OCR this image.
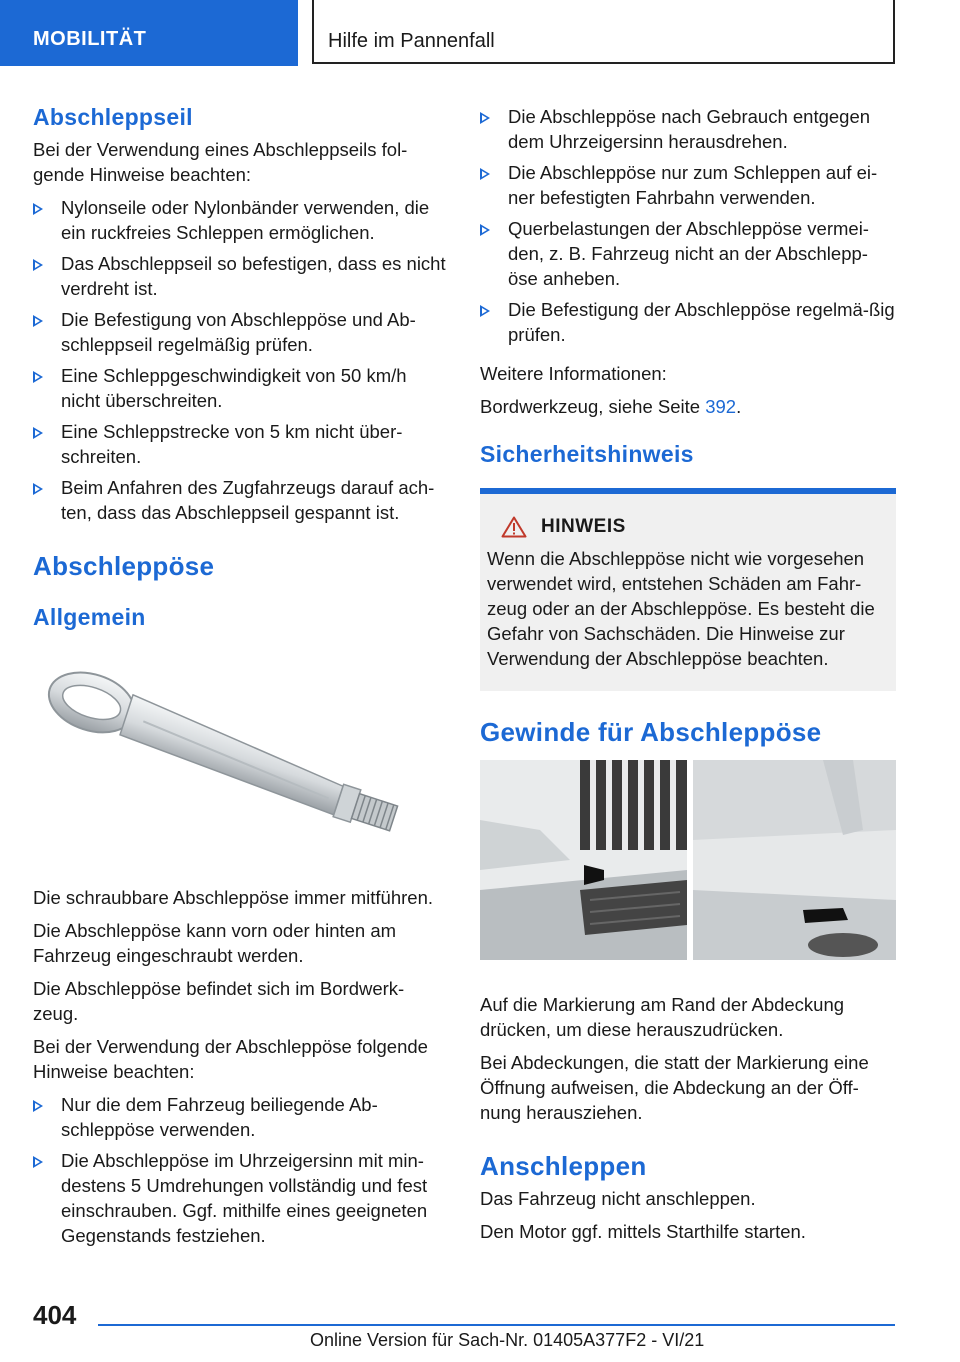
MOBILITÄT	Hilfe im Pannenfall
Abschleppseil

Bei der Verwendung eines Abschleppseils fol-gende Hinweise beachten:

Nylonseile oder Nylonbänder verwenden, die ein ruckfreies Schleppen ermöglichen.
Das Abschleppseil so befestigen, dass es nicht verdreht ist.
Die Befestigung von Abschleppöse und Ab-schleppseil regelmäßig prüfen.
Eine Schleppgeschwindigkeit von 50 km/h nicht überschreiten.
Eine Schleppstrecke von 5 km nicht über-schreiten.
Beim Anfahren des Zugfahrzeugs darauf ach-ten, dass das Abschleppseil gespannt ist.
Abschleppöse
Allgemein

Die schraubbare Abschleppöse immer mitführen.

Die Abschleppöse kann vorn oder hinten am Fahrzeug eingeschraubt werden.

Die Abschleppöse befindet sich im Bordwerk-zeug.

Bei der Verwendung der Abschleppöse folgende Hinweise beachten:

Nur die dem Fahrzeug beiliegende Ab-schleppöse verwenden.
Die Abschleppöse im Uhrzeigersinn mit min-destens 5 Umdrehungen vollständig und fest einschrauben. Ggf. mithilfe eines geeigneten Gegenstands festziehen.
Die Abschleppöse nach Gebrauch entgegen dem Uhrzeigersinn herausdrehen.
Die Abschleppöse nur zum Schleppen auf ei-ner befestigten Fahrbahn verwenden.
Querbelastungen der Abschleppöse vermei-den, z. B. Fahrzeug nicht an der Abschlepp-öse anheben.
Die Befestigung der Abschleppöse regelmä-ßig prüfen.

Weitere Informationen:

Bordwerkzeug, siehe Seite 392.

Sicherheitshinweis
HINWEIS

Wenn die Abschleppöse nicht wie vorgesehen verwendet wird, entstehen Schäden am Fahr-zeug oder an der Abschleppöse. Es besteht die Gefahr von Sachschäden. Die Hinweise zur Verwendung der Abschleppöse beachten.

Gewinde für Abschleppöse

Auf die Markierung am Rand der Abdeckung drücken, um diese herauszudrücken.

Bei Abdeckungen, die statt der Markierung eine Öffnung aufweisen, die Abdeckung an der Öff-nung herausziehen.

Anschleppen

Das Fahrzeug nicht anschleppen.

Den Motor ggf. mittels Starthilfe starten.

404
Online Version für Sach-Nr. 01405A377F2 - VI/21
